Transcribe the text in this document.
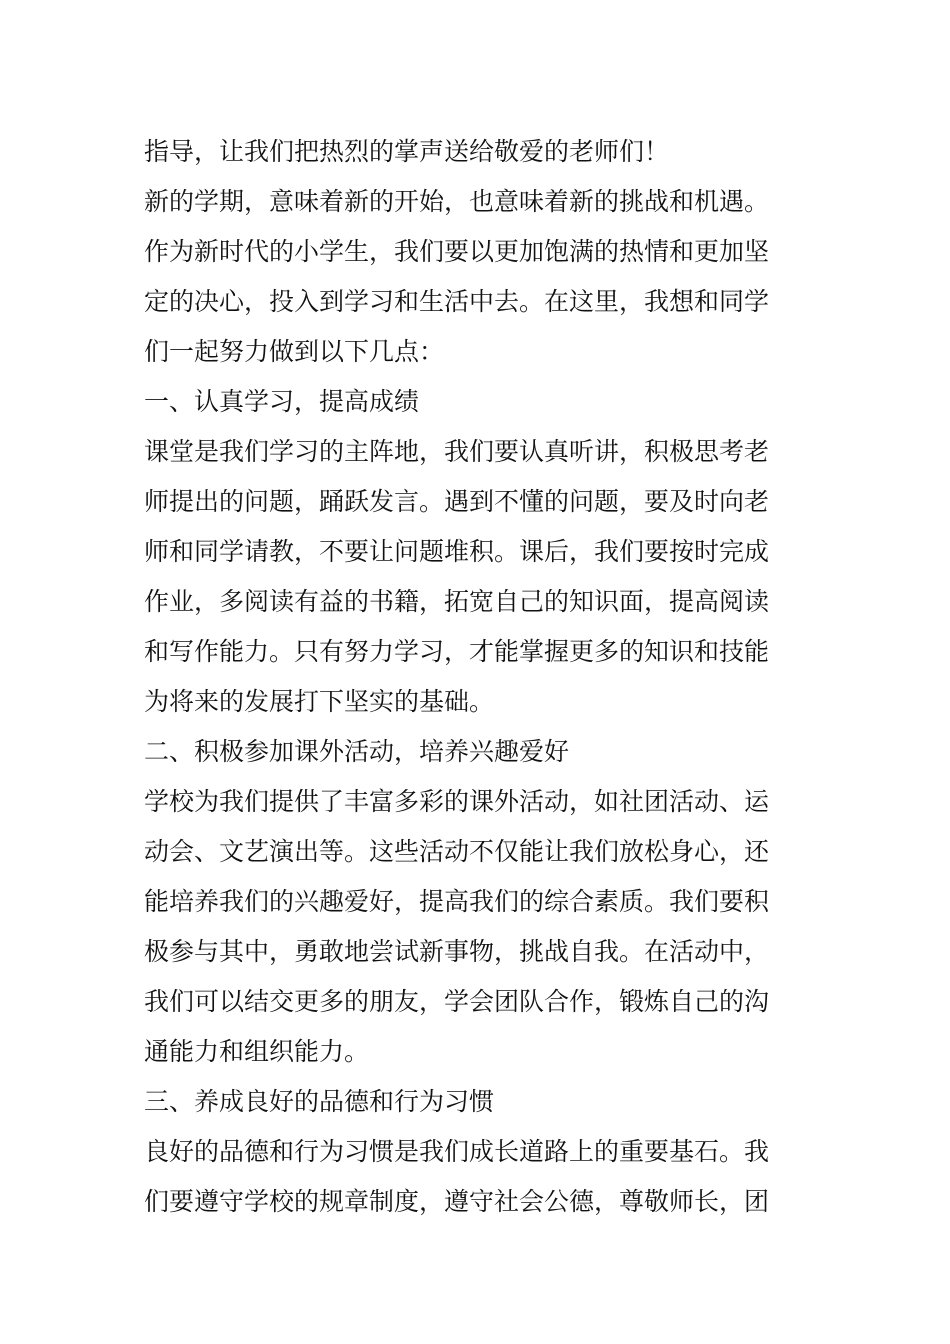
指导，让我们把热烈的掌声送给敬爱的老师们！
新的学期，意味着新的开始，也意味着新的挑战和机遇。
作为新时代的小学生，我们要以更加饱满的热情和更加坚
定的决心，投入到学习和生活中去。在这里，我想和同学
们一起努力做到以下几点：
一、认真学习，提高成绩
课堂是我们学习的主阵地，我们要认真听讲，积极思考老
师提出的问题，踊跃发言。遇到不懂的问题，要及时向老
师和同学请教，不要让问题堆积。课后，我们要按时完成
作业，多阅读有益的书籍，拓宽自己的知识面，提高阅读
和写作能力。只有努力学习，才能掌握更多的知识和技能
为将来的发展打下坚实的基础。
二、积极参加课外活动，培养兴趣爱好
学校为我们提供了丰富多彩的课外活动，如社团活动、运
动会、文艺演出等。这些活动不仅能让我们放松身心，还
能培养我们的兴趣爱好，提高我们的综合素质。我们要积
极参与其中，勇敢地尝试新事物，挑战自我。在活动中，
我们可以结交更多的朋友，学会团队合作，锻炼自己的沟
通能力和组织能力。
三、养成良好的品德和行为习惯
良好的品德和行为习惯是我们成长道路上的重要基石。我
们要遵守学校的规章制度，遵守社会公德，尊敬师长，团
